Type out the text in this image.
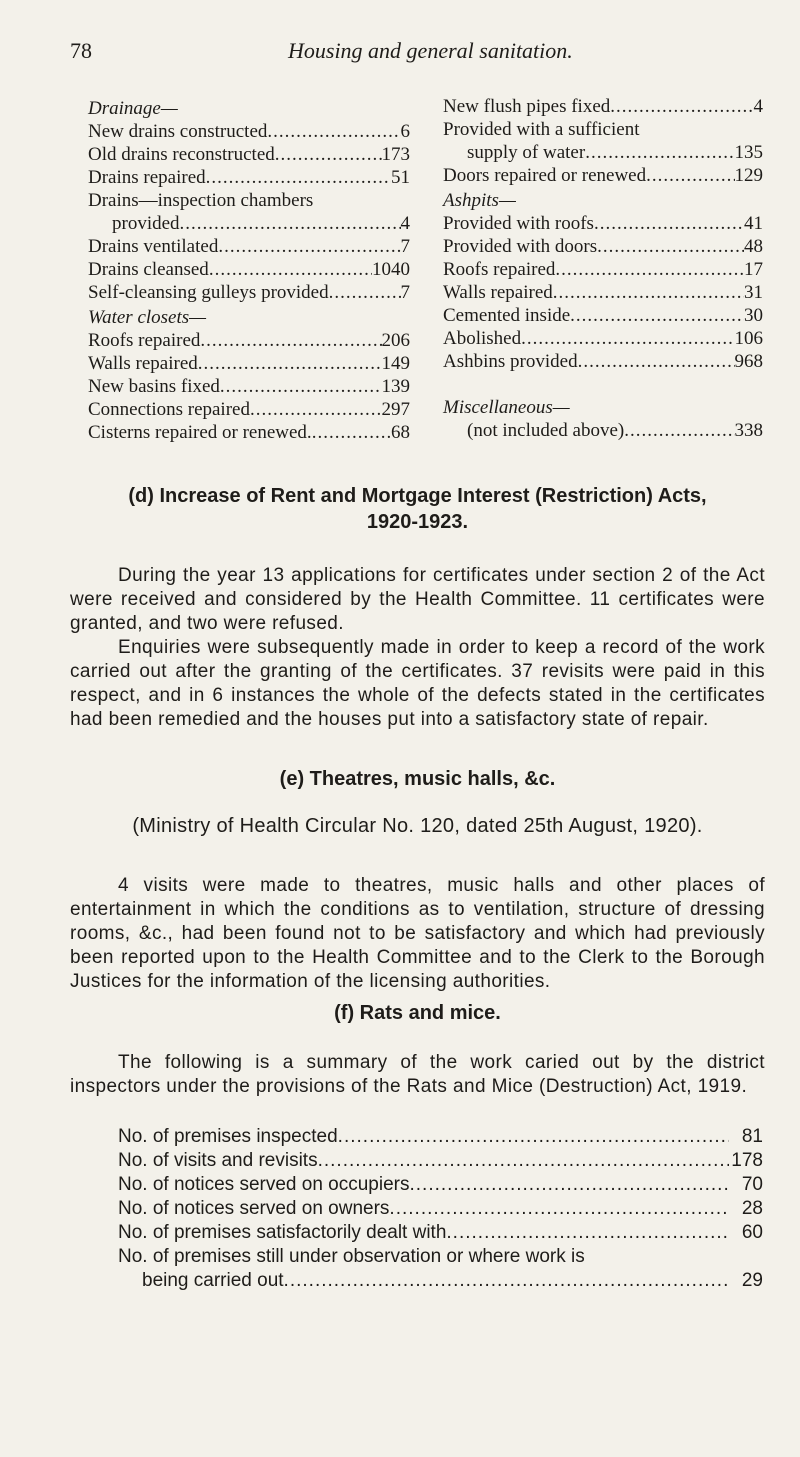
78	Housing and general sanitation.
Drainage—
New drains constructed .....	6
Old drains reconstructed .....	173
Drains repaired .....	51
Drains—inspection chambers
provided .....	4
Drains ventilated .....	7
Drains cleansed .....	1040
Self-cleansing gulleys provided .....	7
Water closets—
Roofs repaired .....	206
Walls repaired .....	149
New basins fixed .....	139
Connections repaired .....	297
Cisterns repaired or renewed. .....	68
New flush pipes fixed .....	4
Provided with a sufficient
supply of water .....	135
Doors repaired or renewed .....	129
Ashpits—
Provided with roofs .....	41
Provided with doors .....	48
Roofs repaired .....	17
Walls repaired .....	31
Cemented inside .....	30
Abolished .....	106
Ashbins provided .....	968
Miscellaneous—
(not included above) .....	338
(d) Increase of Rent and Mortgage Interest (Restriction) Acts,
1920-1923.

During the year 13 applications for certificates under section 2 of the Act were received and considered by the Health Committee. 11 certificates were granted, and two were refused.

Enquiries were subsequently made in order to keep a record of the work carried out after the granting of the certificates. 37 revisits were paid in this respect, and in 6 instances the whole of the defects stated in the certificates had been remedied and the houses put into a satisfactory state of repair.

(e) Theatres, music halls, &c.
(Ministry of Health Circular No. 120, dated 25th August, 1920).

4 visits were made to theatres, music halls and other places of entertainment in which the conditions as to ventilation, structure of dressing rooms, &c., had been found not to be satisfactory and which had previously been reported upon to the Health Committee and to the Clerk to the Borough Justices for the information of the licensing authorities.

(f) Rats and mice.

The following is a summary of the work caried out by the district inspectors under the provisions of the Rats and Mice (Destruction) Act, 1919.

No. of premises inspected .....	81
No. of visits and revisits .....	178
No. of notices served on occupiers .....	70
No. of notices served on owners .....	28
No. of premises satisfactorily dealt with .....	60
No. of premises still under observation or where work is
being carried out .....	29
